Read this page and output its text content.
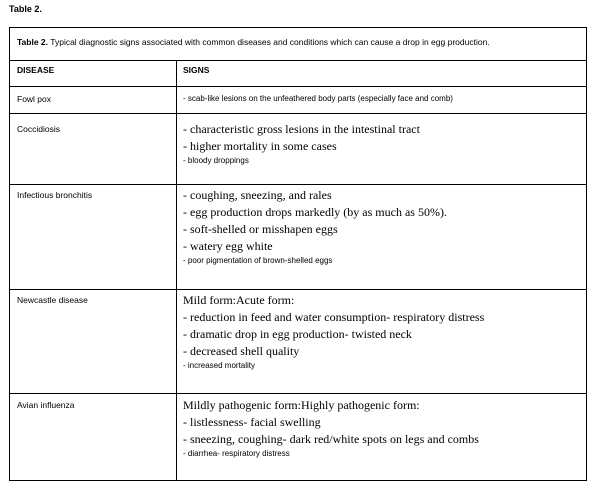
Table 2.
Table 2. Typical diagnostic signs associated with common diseases and conditions which can cause a drop in egg production.
DISEASE	SIGNS
Fowl pox	- scab-like lesions on the unfeathered body parts (especially face and comb)
Coccidiosis	- characteristic gross lesions in the intestinal tract
- higher mortality in some cases
- bloody droppings
Infectious bronchitis	- coughing, sneezing, and rales
- egg production drops markedly (by as much as 50%).
- soft-shelled or misshapen eggs
- watery egg white
- poor pigmentation of brown-shelled eggs
Newcastle disease	Mild form:Acute form:
- reduction in feed and water consumption- respiratory distress
- dramatic drop in egg production- twisted neck
- decreased shell quality
- increased mortality
Avian influenza	Mildly pathogenic form:Highly pathogenic form:
- listlessness- facial swelling
- sneezing, coughing- dark red/white spots on legs and combs
- diarrhea- respiratory distress
